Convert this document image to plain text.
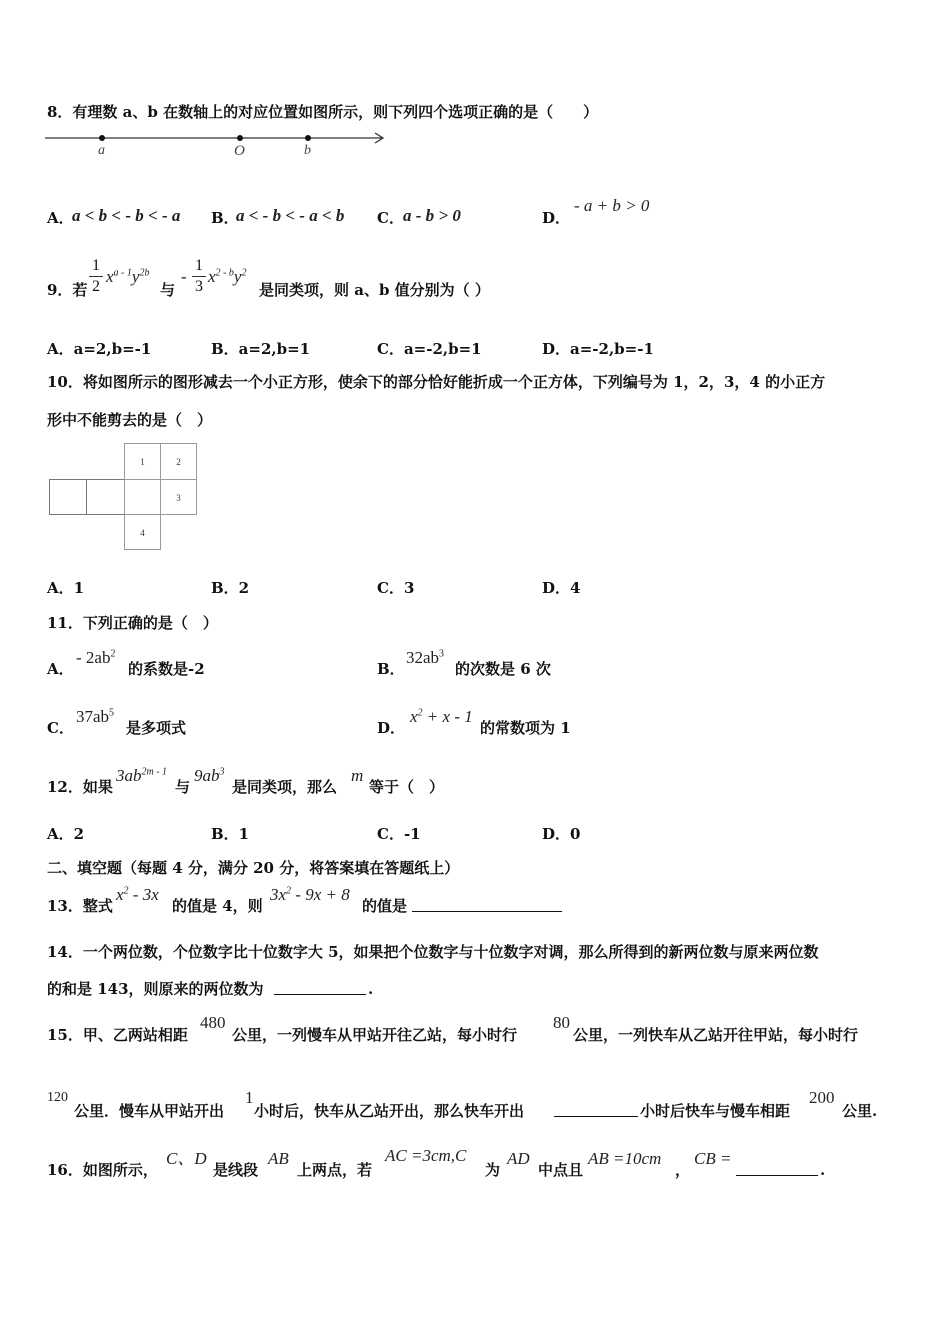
8．有理数 a、b 在数轴上的对应位置如图所示，则下列四个选项正确的是（　　）
a	O	b
A．
a < b < - b < - a B．
a < - b < - a < b C． a - b > 0	D．
- a + b > 0
9．若
1
2
$x^{a - 1}y^{2b}$
与
-
1
3
$x^{2 - b}y^2$
是同类项，则 a、b 值分别为（ ）
A．a=2,b=-1	B．a=2,b=1	C．a=-2,b=1	D．a=-2,b=-1
10．将如图所示的图形减去一个小正方形，使余下的部分恰好能折成一个正方体，下列编号为 1，2，3，4 的小正方
形中不能剪去的是（　）
1	2
3
4
A．1	B．2	C．3	D．4
11．下列正确的是（　）
A．
- $2ab^2$
的系数是-2	B．
$32ab^3$
的次数是 6 次
C．
$37ab^5$
是多项式	D．
$x^2 + x - 1$
的常数项为 1
12．如果
$3ab^{2m - 1}$
与
$9ab^3$
是同类项，那么
m
等于（　）
A．2	B．1	C．-1	D．0
二、填空题（每题 4 分，满分 20 分，将答案填在答题纸上）
13．整式
$x^2 - 3x$
的值是 4，则
$3x^2 - 9x + 8$
的值是
14．一个两位数，个位数字比十位数字大 5，如果把个位数字与十位数字对调，那么所得到的新两位数与原来两位数
的和是 143，则原来的两位数为	.
15．甲、乙两站相距
480
公里，一列慢车从甲站开往乙站，每小时行
80
公里，一列快车从乙站开往甲站，每小时行
120
公里．慢车从甲站开出
1
小时后，快车从乙站开出，那么快车开出	小时后快车与慢车相距
200
公里.
16．如图所示，
C、D
是线段
AB
上两点，若
AC =3cm,C
为
AD
中点且
AB =10cm
，
CB =
.
